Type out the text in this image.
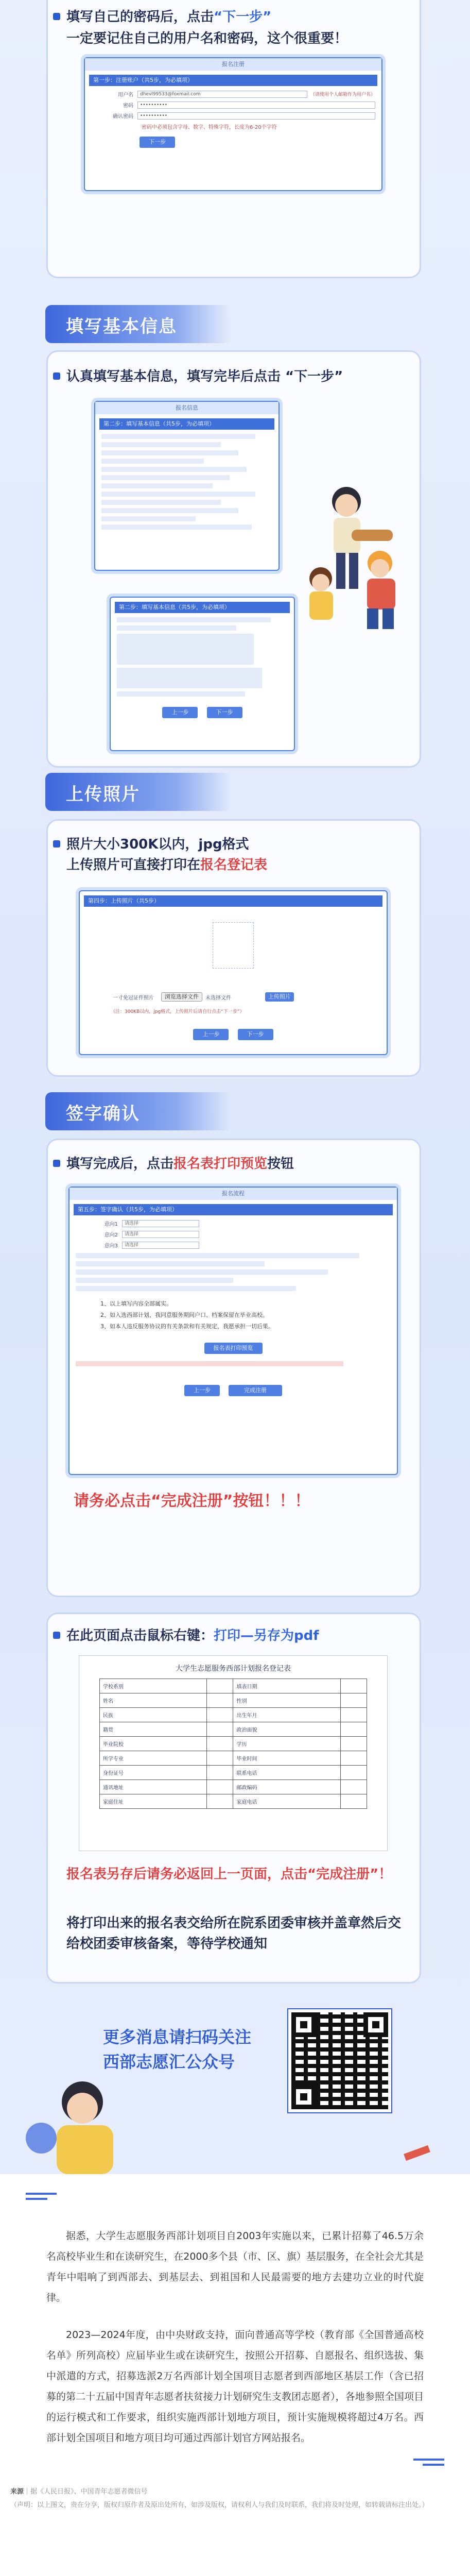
填写自己的密码后，点击“下一步”
一定要记住自己的用户名和密码，这个很重要！
报名注册
第一步：注册账户（共5步，为必填项）
用户名	dhevl99533@foxmail.com	（请使用个人邮箱作为用户名）
密码	••••••••••
确认密码	••••••••••
密码中必须包含字母、数字、特殊字符，长度为6-20个字符
下一步
填写基本信息
认真填写基本信息，填写完毕后点击 “下一步”
报名信息
第二步：填写基本信息（共5步，为必填项）
第二步：填写基本信息（共5步，为必填项）
上一步	下一步
上传照片
照片大小300K以内，jpg格式
上传照片可直接打印在报名登记表
第四步：上传照片（共5步）
一寸免冠证件照片	浏览选择文件	未选择文件	上传照片
（注：300KB以内，jpg格式，上传照片后请自行点击“下一步”）
上一步	下一步
签字确认
填写完成后，点击报名表打印预览按钮
报名流程
第五步：签字确认（共5步，为必填项）
意向1	请选择
意向2	请选择
意向3	请选择
1、以上填写内容全部属实。
2、如入选西部计划，我同意服务期间户口、档案保留在毕业高校。
3、如本人违反服务协议的有关条款和有关规定，我愿承担一切后果。
报名表打印预览
上一步	完成注册
请务必点击“完成注册”按钮！！！
在此页面点击鼠标右键：打印—另存为pdf
大学生志愿服务西部计划报名登记表
学校系别		填表日期	
姓名		性别	
民族		出生年月	
籍贯		政治面貌	
毕业院校		学历	
所学专业		毕业时间	
身份证号		联系电话	
通讯地址		邮政编码	
家庭住址		家庭电话	
报名表另存后请务必返回上一页面，点击“完成注册”！
将打印出来的报名表交给所在院系团委审核并盖章然后交给校团委审核备案，等待学校通知
更多消息请扫码关注
西部志愿汇公众号

据悉，大学生志愿服务西部计划项目自2003年实施以来，已累计招募了46.5万余名高校毕业生和在读研究生，在2000多个县（市、区、旗）基层服务，在全社会尤其是青年中唱响了到西部去、到基层去、到祖国和人民最需要的地方去建功立业的时代旋律。

2023—2024年度，由中央财政支持，面向普通高等学校（教育部《全国普通高校名单》所列高校）应届毕业生或在读研究生，按照公开招募、自愿报名、组织选拔、集中派遣的方式，招募选派2万名西部计划全国项目志愿者到西部地区基层工作（含已招募的第二十五届中国青年志愿者扶贫接力计划研究生支教团志愿者），各地参照全国项目的运行模式和工作要求，组织实施西部计划地方项目，预计实施规模将超过4万名。西部计划全国项目和地方项目均可通过西部计划官方网站报名。

来源｜据《人民日报》、中国青年志愿者微信号
（声明：以上图文，贵在分享，版权归原作者及原出处所有，如涉及版权，请权利人与我们及时联系，我们将及时处理，如转载请标注出处。）
